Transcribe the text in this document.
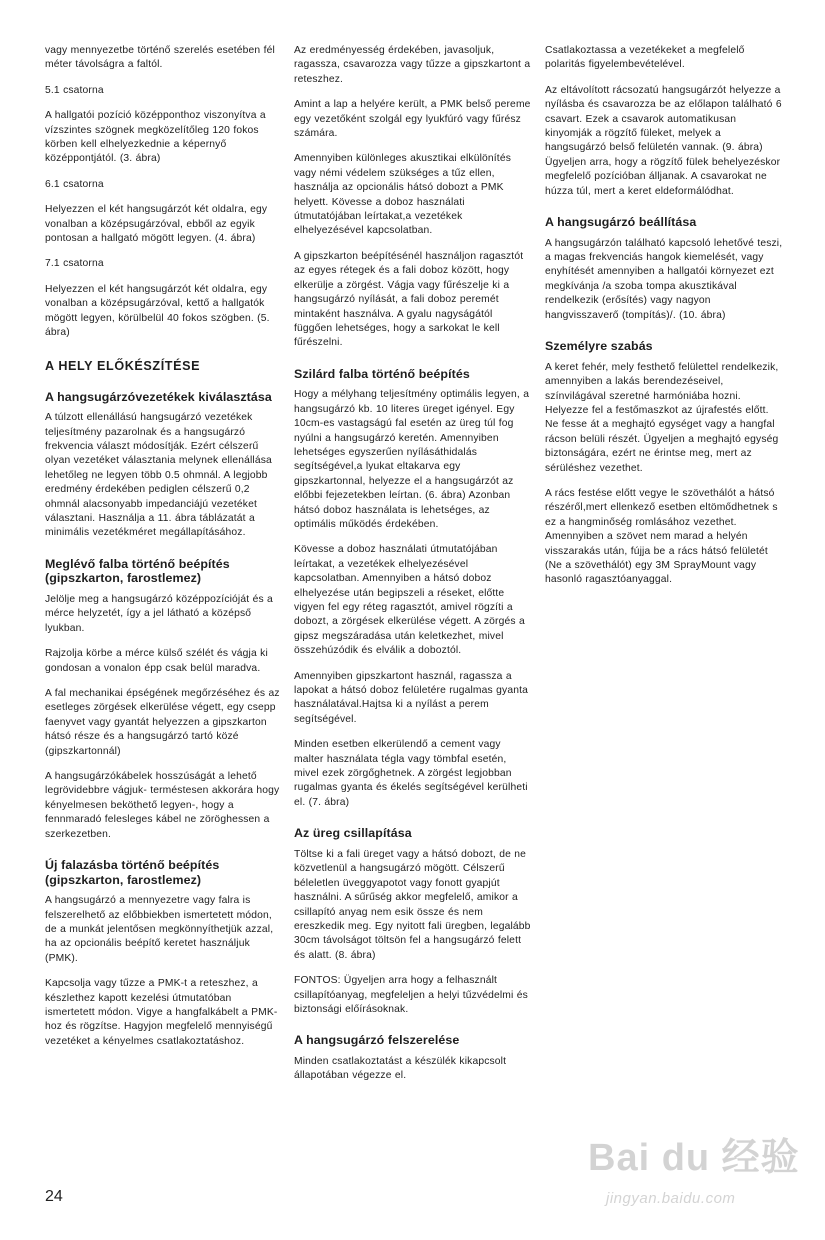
vagy mennyezetbe történő szerelés esetében fél méter távolságra a faltól.

5.1 csatorna

A hallgatói pozíció középponthoz viszonyítva a vízszintes szögnek megközelítőleg 120 fokos körben kell elhelyezkednie a képernyő középpontjától. (3. ábra)

6.1 csatorna

Helyezzen el két hangsugárzót két oldalra, egy vonalban a középsugárzóval, ebből az egyik pontosan a hallgató mögött legyen. (4. ábra)

7.1 csatorna

Helyezzen el két hangsugárzót két oldalra, egy vonalban a középsugárzóval, kettő a hallgatók mögött legyen, körülbelül 40 fokos szögben. (5. ábra)

A HELY ELŐKÉSZÍTÉSE
A hangsugárzóvezetékek kiválasztása

A túlzott ellenállású hangsugárzó vezetékek teljesítmény pazarolnak és a hangsugárzó frekvencia választ módosítják. Ezért célszerű olyan vezetéket választania melynek ellenállása lehetőleg ne legyen több 0.5 ohmnál. A legjobb eredmény érdekében pediglen célszerű 0,2 ohmnál alacsonyabb impedanciájú vezetéket választani. Használja a 11. ábra táblázatát a minimális vezetékméret megállapításához.

Meglévő falba történő beépítés (gipszkarton, farostlemez)

Jelölje meg a hangsugárzó középpozícióját és a mérce helyzetét, így a jel látható a középső lyukban.

Rajzolja körbe a mérce külső szélét és vágja ki gondosan a vonalon épp csak belül maradva.

A fal mechanikai épségének megőrzéséhez és az esetleges zörgések elkerülése végett, egy csepp faenyvet vagy gyantát helyezzen a gipszkarton hátsó része és a hangsugárzó tartó közé (gipszkartonnál)

A hangsugárzókábelek hosszúságát a lehető legrövidebbre vágjuk- terméstesen akkorára hogy kényelmesen beköthető legyen-, hogy a fennmaradó felesleges kábel ne zöröghessen a szerkezetben.

Új falazásba történő beépítés (gipszkarton, farostlemez)

A hangsugárzó a mennyezetre vagy falra is felszerelhető az előbbiekben ismertetett módon, de a munkát jelentősen megkönnyíthetjük azzal, ha az opcionális beépítő keretet használjuk (PMK).

Kapcsolja vagy tűzze a PMK-t a reteszhez, a készlethez kapott kezelési útmutatóban ismertetett módon. Vigye a hangfalkábelt a PMK-hoz és rögzítse. Hagyjon megfelelő mennyiségű vezetéket a kényelmes csatlakoztatáshoz.

Az eredményesség érdekében, javasoljuk, ragassza, csavarozza vagy tűzze a gipszkartont a reteszhez.

Amint a lap a helyére került, a PMK belső pereme egy vezetőként szolgál egy lyukfúró vagy fűrész számára.

Amennyiben különleges akusztikai elkülönítés vagy némi védelem szükséges a tűz ellen, használja az opcionális hátsó dobozt a PMK helyett. Kövesse a doboz használati útmutatójában leírtakat,a vezetékek elhelyezésével kapcsolatban.

A gipszkarton beépítésénél használjon ragasztót az egyes rétegek és a fali doboz között, hogy elkerülje a zörgést. Vágja vagy fűrészelje ki a hangsugárzó nyílását, a fali doboz peremét mintaként használva. A gyalu nagyságától függően lehetséges, hogy a sarkokat le kell fűrészelni.

Szilárd falba történő beépítés

Hogy a mélyhang teljesítmény optimális legyen, a hangsugárzó kb. 10 literes üreget igényel. Egy 10cm-es vastagságú fal esetén az üreg túl fog nyúlni a hangsugárzó keretén. Amennyiben lehetséges egyszerűen nyílásáthidalás segítségével,a lyukat eltakarva egy gipszkartonnal, helyezze el a hangsugárzót az előbbi fejezetekben leírtan. (6. ábra) Azonban hátsó doboz használata is lehetséges, az optimális működés érdekében.

Kövesse a doboz használati útmutatójában leírtakat, a vezetékek elhelyezésével kapcsolatban. Amennyiben a hátsó doboz elhelyezése után begipszeli a réseket, előtte vigyen fel egy réteg ragasztót, amivel rögzíti a dobozt, a zörgések elkerülése végett. A zörgés a gipsz megszáradása után keletkezhet, mivel összehúzódik és elválik a doboztól.

Amennyiben gipszkartont használ, ragassza a lapokat a hátsó doboz felületére rugalmas gyanta használatával.Hajtsa ki a nyílást a perem segítségével.

Minden esetben elkerülendő a cement vagy malter használata tégla vagy tömbfal esetén, mivel ezek zörgőghetnek. A zörgést legjobban rugalmas gyanta és ékelés segítségével kerülheti el. (7. ábra)

Az üreg csillapítása

Töltse ki a fali üreget vagy a hátsó dobozt, de ne közvetlenül a hangsugárzó mögött. Célszerű béleletlen üveggyapotot vagy fonott gyapjút használni. A sűrűség akkor megfelelő, amikor a csillapító anyag nem esik össze és nem ereszkedik meg. Egy nyitott fali üregben, legalább 30cm távolságot töltsön fel a hangsugárzó felett és alatt. (8. ábra)

FONTOS: Ügyeljen arra hogy a felhasznált csillapítóanyag, megfeleljen a helyi tűzvédelmi és biztonsági előírásoknak.

A hangsugárzó felszerelése

Minden csatlakoztatást a készülék kikapcsolt állapotában végezze el.

Csatlakoztassa a vezetékeket a megfelelő polaritás figyelembevételével.

Az eltávolított rácsozatú hangsugárzót helyezze a nyílásba és csavarozza be az előlapon található 6 csavart. Ezek a csavarok automatikusan kinyomják a rögzítő füleket, melyek a hangsugárzó belső felületén vannak. (9. ábra) Ügyeljen arra, hogy a rögzítő fülek behelyezéskor megfelelő pozícióban álljanak. A csavarokat ne húzza túl, mert a keret eldeformálódhat.

A hangsugárzó beállítása

A hangsugárzón található kapcsoló lehetővé teszi, a magas frekvenciás hangok kiemelését, vagy enyhítését amennyiben a hallgatói környezet ezt megkívánja /a szoba tompa akusztikával rendelkezik (erősítés) vagy nagyon hangvisszaverő (tompítás)/. (10. ábra)

Személyre szabás

A keret fehér, mely festhető felülettel rendelkezik, amennyiben a lakás berendezéseivel, színvilágával szeretné harmóniába hozni. Helyezze fel a festőmaszkot az újrafestés előtt. Ne fesse át a meghajtó egységet vagy a hangfal rácson belüli részét. Ügyeljen a meghajtó egység biztonságára, ezért ne érintse meg, mert az sérüléshez vezethet.

A rács festése előtt vegye le szövethálót a hátsó részéről,mert ellenkező esetben eltömődhetnek s ez a hangminőség romlásához vezethet. Amennyiben a szövet nem marad a helyén visszarakás után, fújja be a rács hátsó felületét (Ne a szövethálót) egy 3M SprayMount vagy hasonló ragasztóanyaggal.

24
Bai du 经验
jingyan.baidu.com
